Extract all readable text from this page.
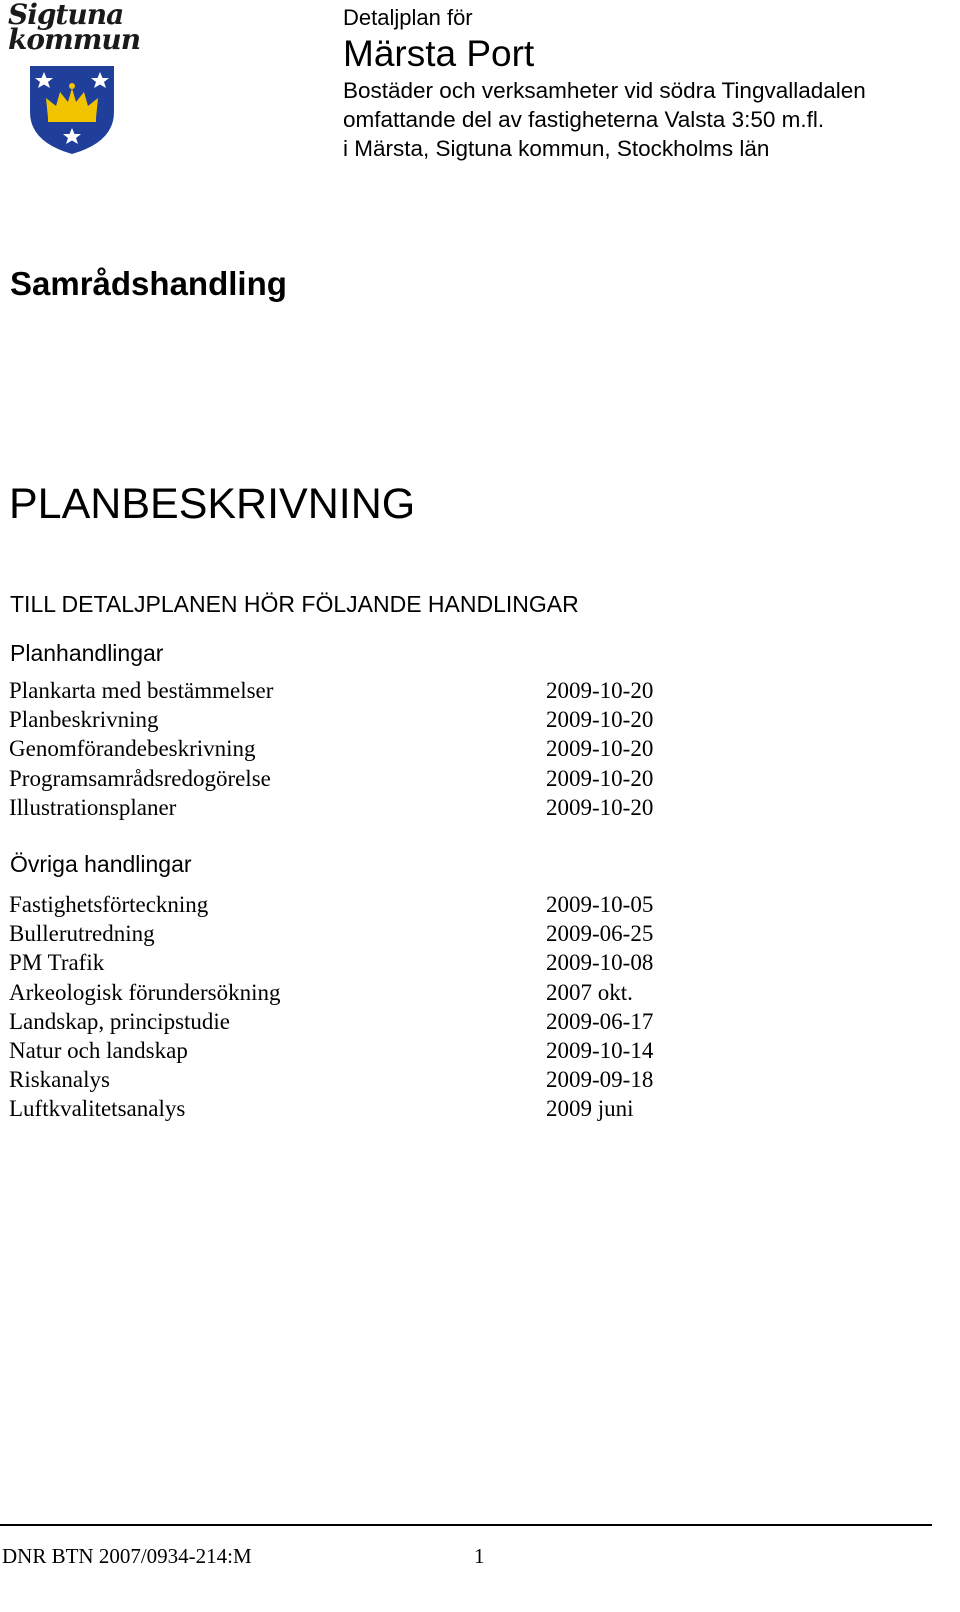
Sigtuna
kommun
Detaljplan för
Märsta Port
Bostäder och verksamheter vid södra Tingvalladalen
omfattande del av fastigheterna Valsta 3:50 m.fl.
i Märsta, Sigtuna kommun, Stockholms län
Samrådshandling
PLANBESKRIVNING
TILL DETALJPLANEN HÖR FÖLJANDE HANDLINGAR
Planhandlingar
Plankarta med bestämmelser	2009-10-20
Planbeskrivning	2009-10-20
Genomförandebeskrivning	2009-10-20
Programsamrådsredogörelse	2009-10-20
Illustrationsplaner	2009-10-20
Övriga handlingar
Fastighetsförteckning	2009-10-05
Bullerutredning	2009-06-25
PM Trafik	2009-10-08
Arkeologisk förundersökning	2007 okt.
Landskap, principstudie	2009-06-17
Natur och landskap	2009-10-14
Riskanalys	2009-09-18
Luftkvalitetsanalys	2009 juni
DNR BTN 2007/0934-214:M	1
